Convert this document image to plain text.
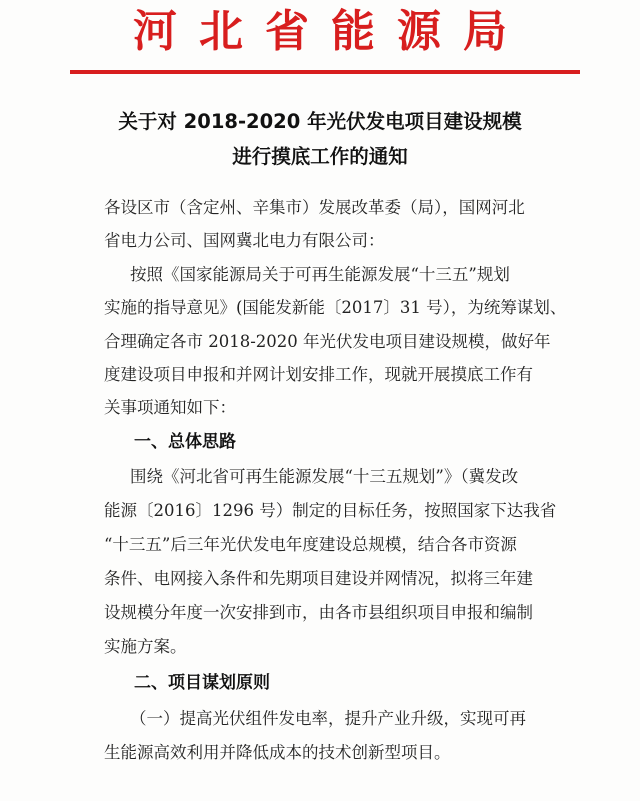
河北省能源局
关于对 2018-2020 年光伏发电项目建设规模
进行摸底工作的通知
各设区市（含定州、辛集市）发展改革委（局），国网河北
省电力公司、国网冀北电力有限公司：
按照《国家能源局关于可再生能源发展“十三五”规划
实施的指导意见》(国能发新能〔2017〕31 号），为统筹谋划、
合理确定各市 2018-2020 年光伏发电项目建设规模，做好年
度建设项目申报和并网计划安排工作，现就开展摸底工作有
关事项通知如下：
一、总体思路
围绕《河北省可再生能源发展“十三五规划”》（冀发改
能源〔2016〕1296 号）制定的目标任务，按照国家下达我省
“十三五”后三年光伏发电年度建设总规模，结合各市资源
条件、电网接入条件和先期项目建设并网情况，拟将三年建
设规模分年度一次安排到市，由各市县组织项目申报和编制
实施方案。
二、项目谋划原则
（一）提高光伏组件发电率，提升产业升级，实现可再
生能源高效利用并降低成本的技术创新型项目。
